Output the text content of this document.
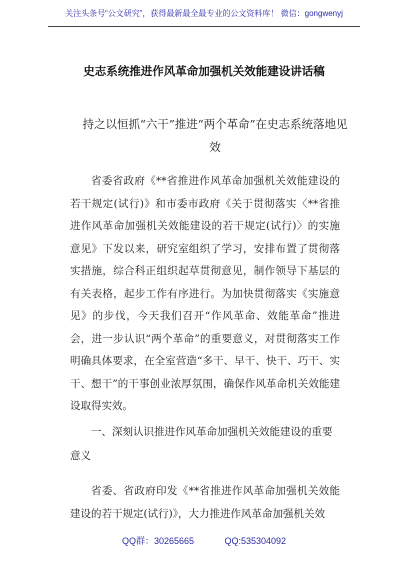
关注头条号“公文研究”，获得最新最全最专业的公文资料库！ 微信：gongwenyj
史志系统推进作风革命加强机关效能建设讲话稿
持之以恒抓“六干”推进“两个革命”在史志系统落地见效

省委省政府《**省推进作风革命加强机关效能建设的若干规定(试行)》和市委市政府《关于贯彻落实〈**省推进作风革命加强机关效能建设的若干规定(试行)〉的实施意见》下发以来，研究室组织了学习，安排布置了贯彻落实措施，综合科正组织起草贯彻意见，制作领导下基层的有关表格，起步工作有序进行。为加快贯彻落实《实施意见》的步伐，今天我们召开“作风革命、效能革命”推进会，进一步认识“两个革命”的重要意义，对贯彻落实工作明确具体要求，在全室营造“多干、早干、快干、巧干、实干、想干”的干事创业浓厚氛围，确保作风革命机关效能建设取得实效。

一、深刻认识推进作风革命加强机关效能建设的重要意义

省委、省政府印发《**省推进作风革命加强机关效能建设的若干规定(试行)》，大力推进作风革命加强机关效

QQ群：30265665	QQ:535304092
